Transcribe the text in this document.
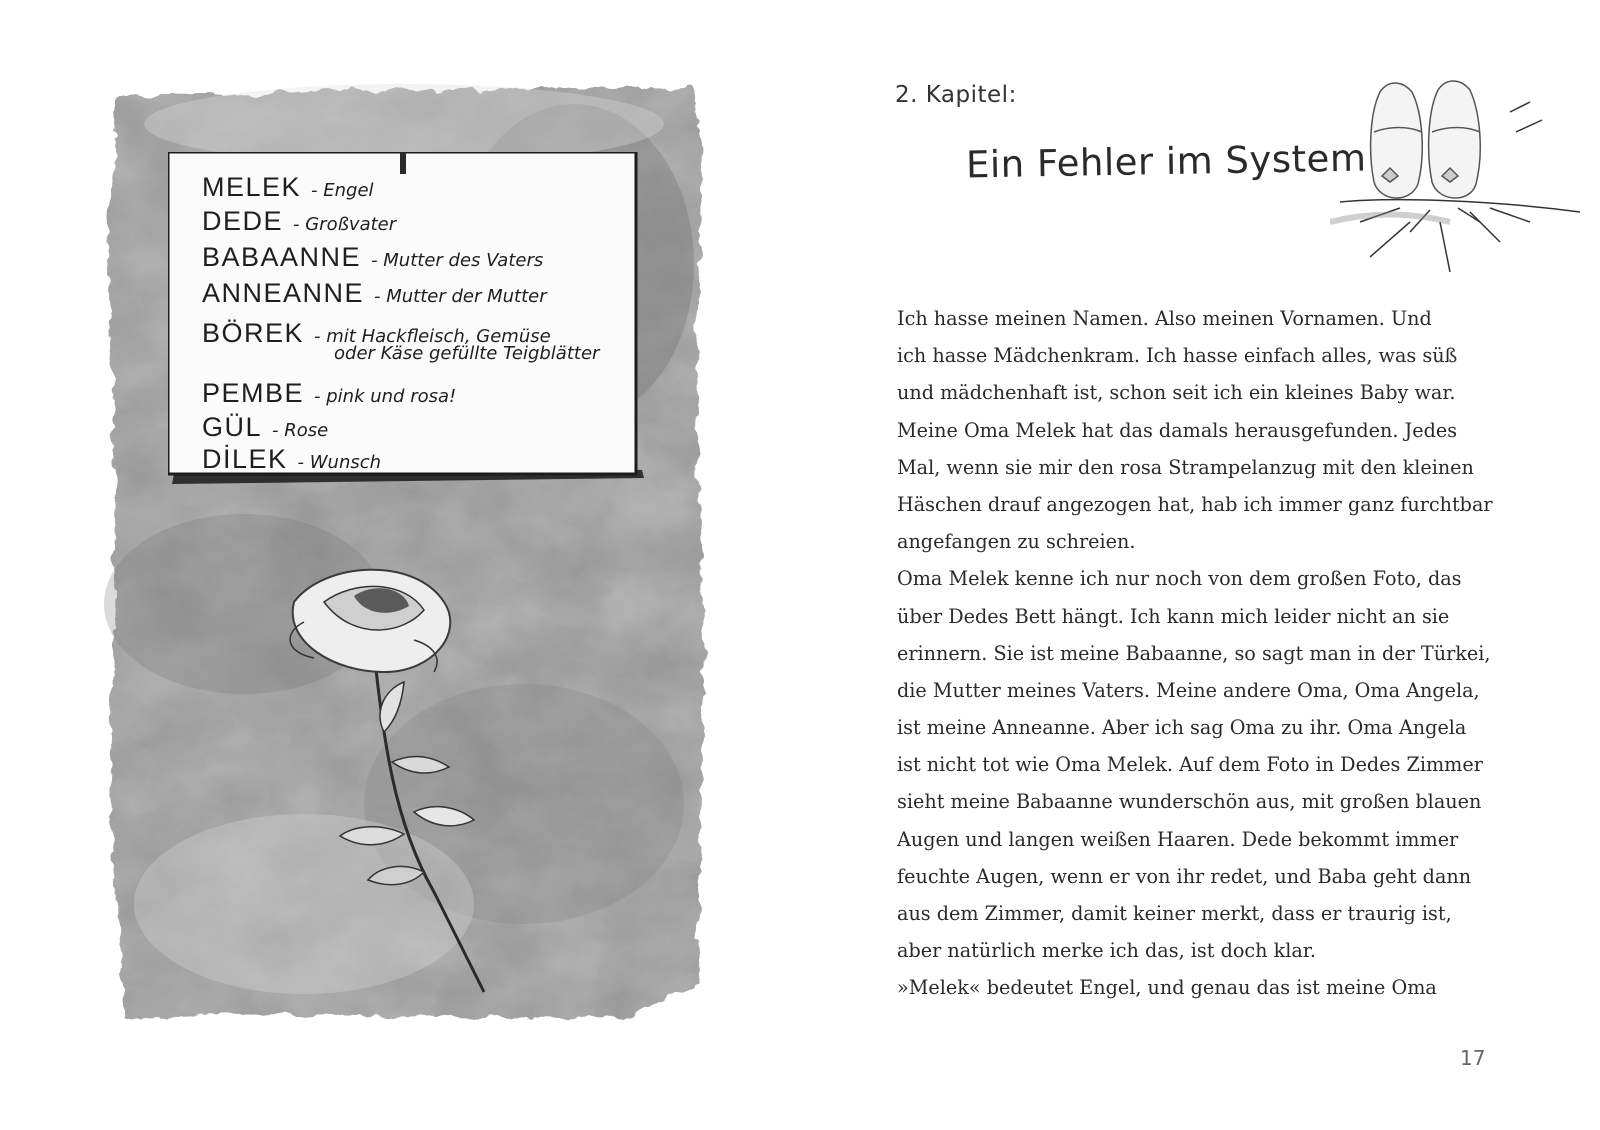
MELEK - Engel
DEDE - Großvater
BABAANNE - Mutter des Vaters
ANNEANNE - Mutter der Mutter
BÖREK - mit Hackfleisch, Gemüse
oder Käse gefüllte Teigblätter
PEMBE - pink und rosa!
GÜL - Rose
DİLEK - Wunsch
2. Kapitel:
Ein Fehler im System
Ich hasse meinen Namen. Also meinen Vornamen. Und
ich hasse Mädchenkram. Ich hasse einfach alles, was süß
und mädchenhaft ist, schon seit ich ein kleines Baby war.
Meine Oma Melek hat das damals herausgefunden. Jedes
Mal, wenn sie mir den rosa Strampelanzug mit den kleinen
Häschen drauf angezogen hat, hab ich immer ganz furchtbar
angefangen zu schreien.
Oma Melek kenne ich nur noch von dem großen Foto, das
über Dedes Bett hängt. Ich kann mich leider nicht an sie
erinnern. Sie ist meine Babaanne, so sagt man in der Türkei,
die Mutter meines Vaters. Meine andere Oma, Oma Angela,
ist meine Anneanne. Aber ich sag Oma zu ihr. Oma Angela
ist nicht tot wie Oma Melek. Auf dem Foto in Dedes Zimmer
sieht meine Babaanne wunderschön aus, mit großen blauen
Augen und langen weißen Haaren. Dede bekommt immer
feuchte Augen, wenn er von ihr redet, und Baba geht dann
aus dem Zimmer, damit keiner merkt, dass er traurig ist,
aber natürlich merke ich das, ist doch klar.
»Melek« bedeutet Engel, und genau das ist meine Oma
17
